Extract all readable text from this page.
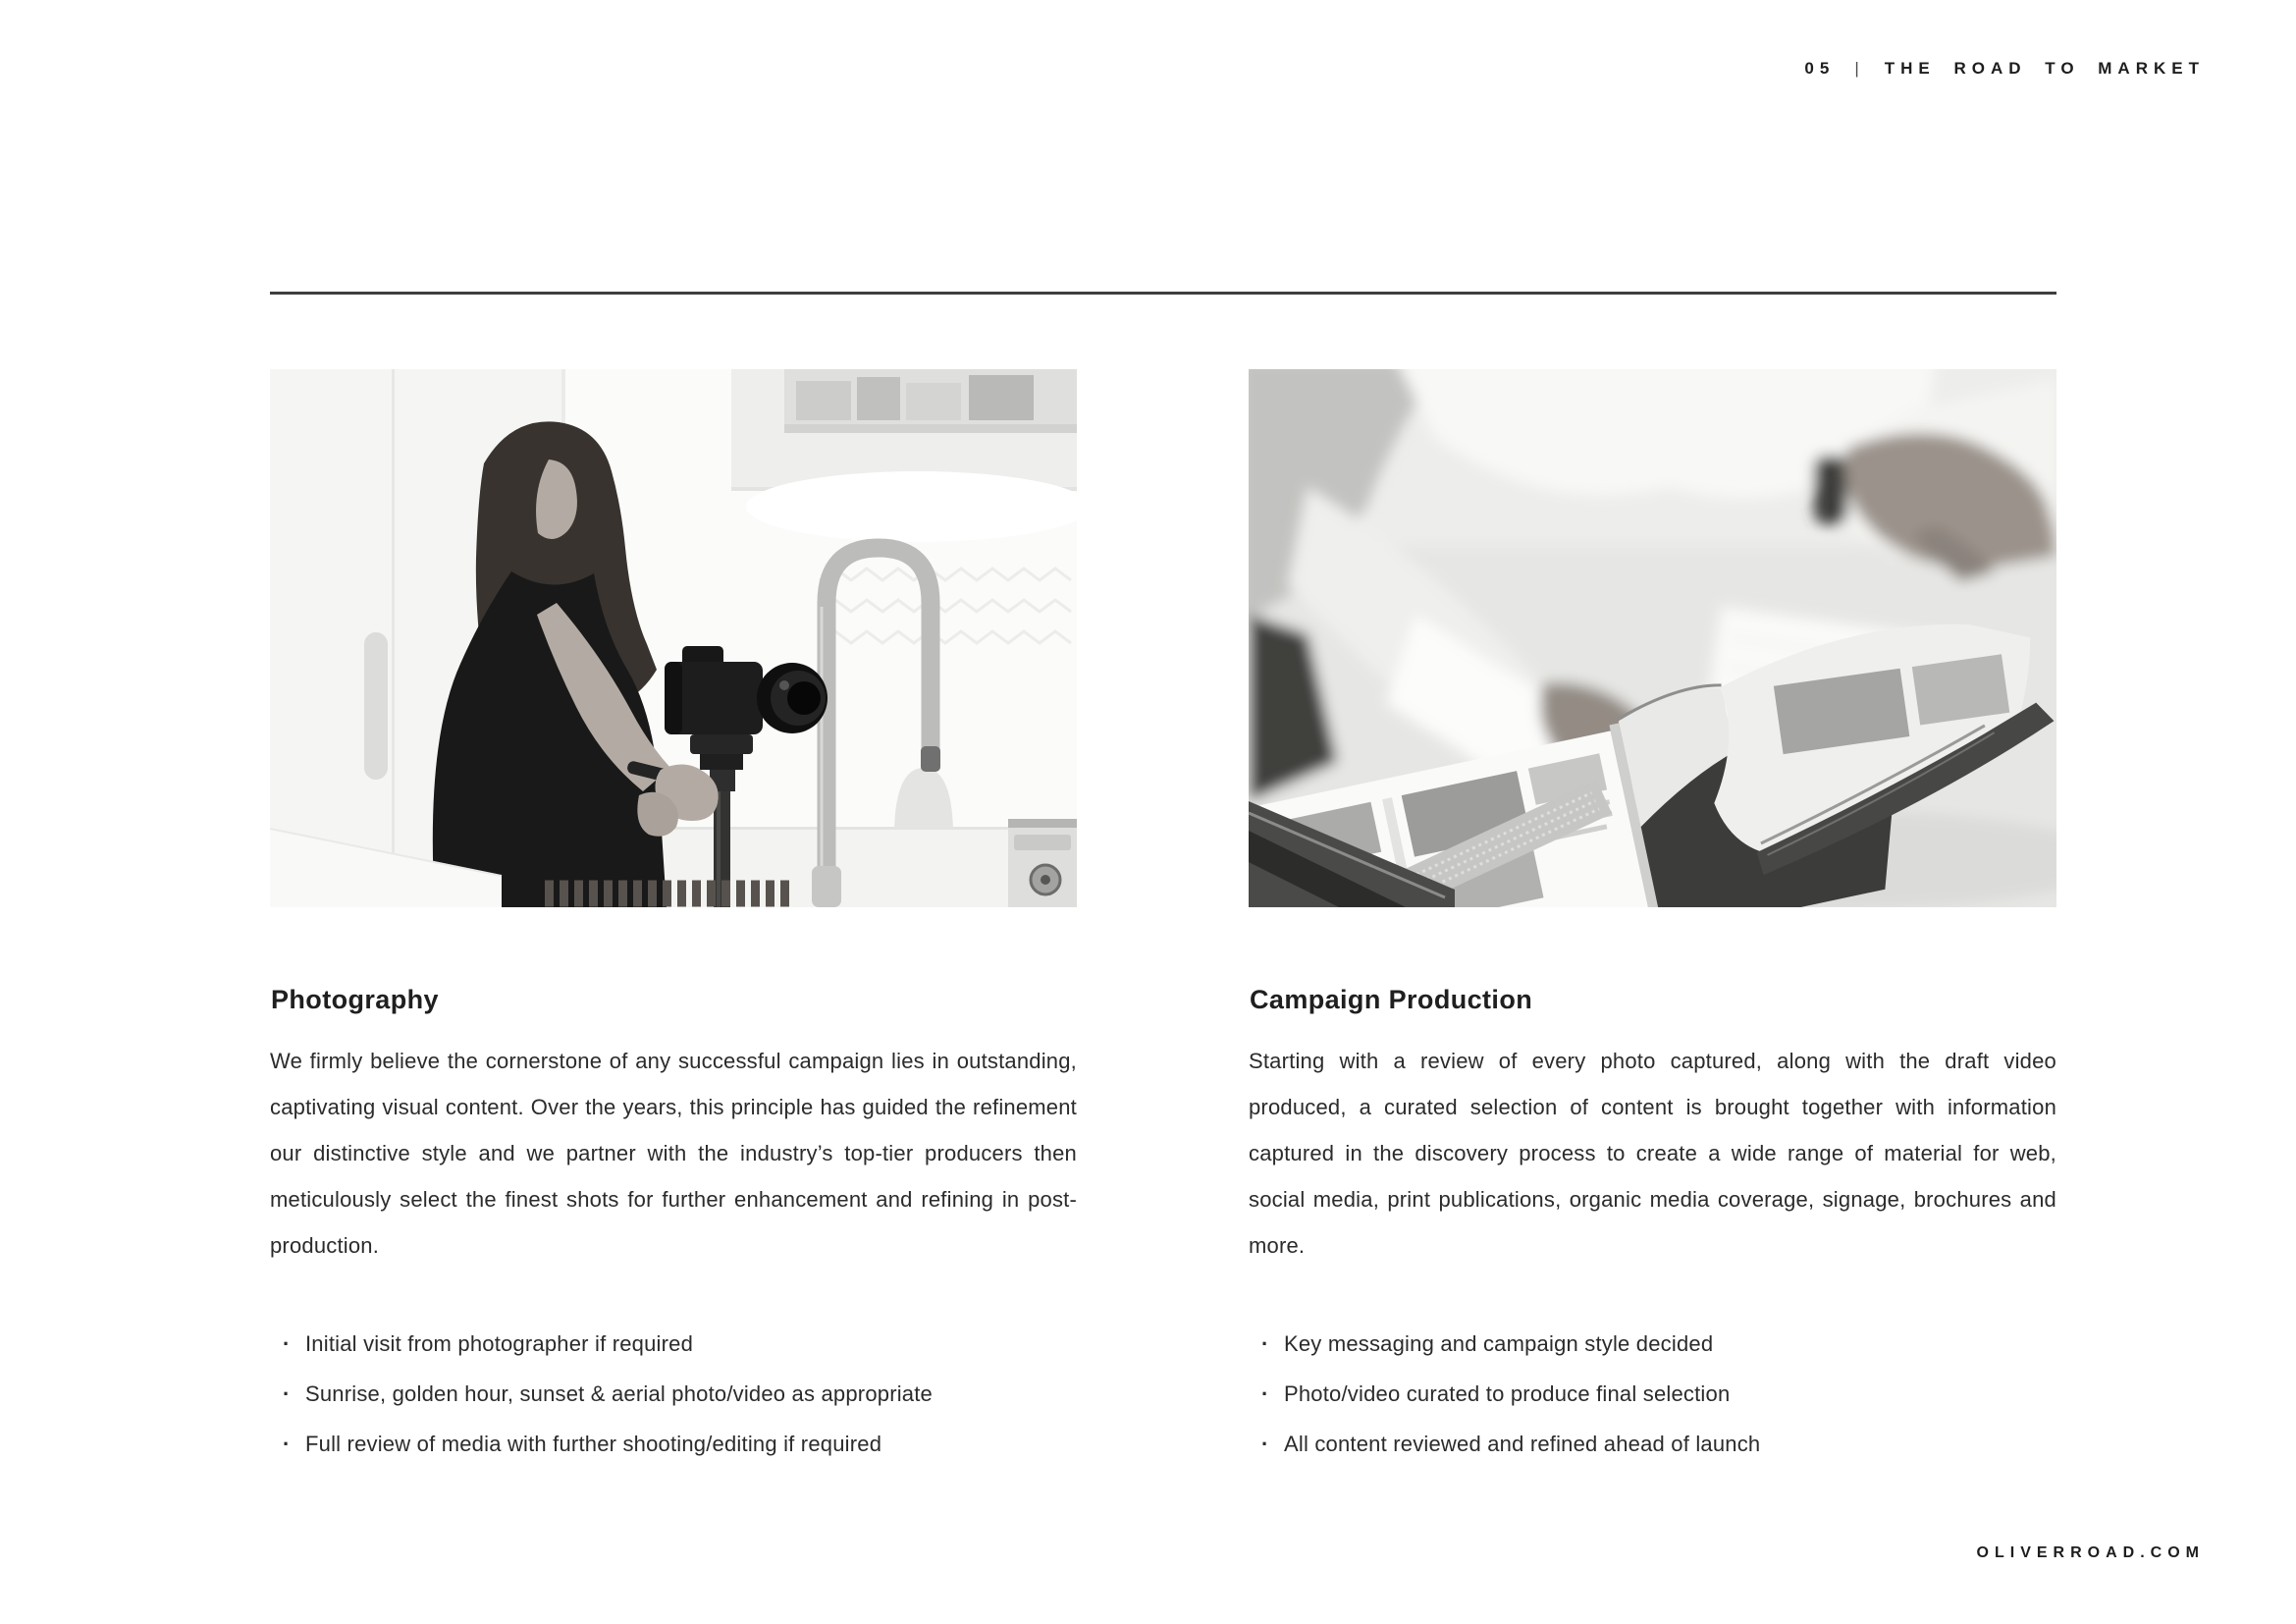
05 | THE ROAD TO MARKET
Photography

We firmly believe the cornerstone of any successful campaign lies in outstanding, captivating visual content. Over the years, this principle has guided the refinement our distinctive style and we partner with the industry’s top-tier producers then meticulously select the finest shots for further enhancement and refining in post-production.

· Initial visit from photographer if required
· Sunrise, golden hour, sunset & aerial photo/video as appropriate
· Full review of media with further shooting/editing if required
Campaign Production

Starting with a review of every photo captured, along with the draft video produced, a curated selection of content is brought together with information captured in the discovery process to create a wide range of material for web, social media, print publications, organic media coverage, signage, brochures and more.

· Key messaging and campaign style decided
· Photo/video curated to produce final selection
· All content reviewed and refined ahead of launch
OLIVERROAD.COM
